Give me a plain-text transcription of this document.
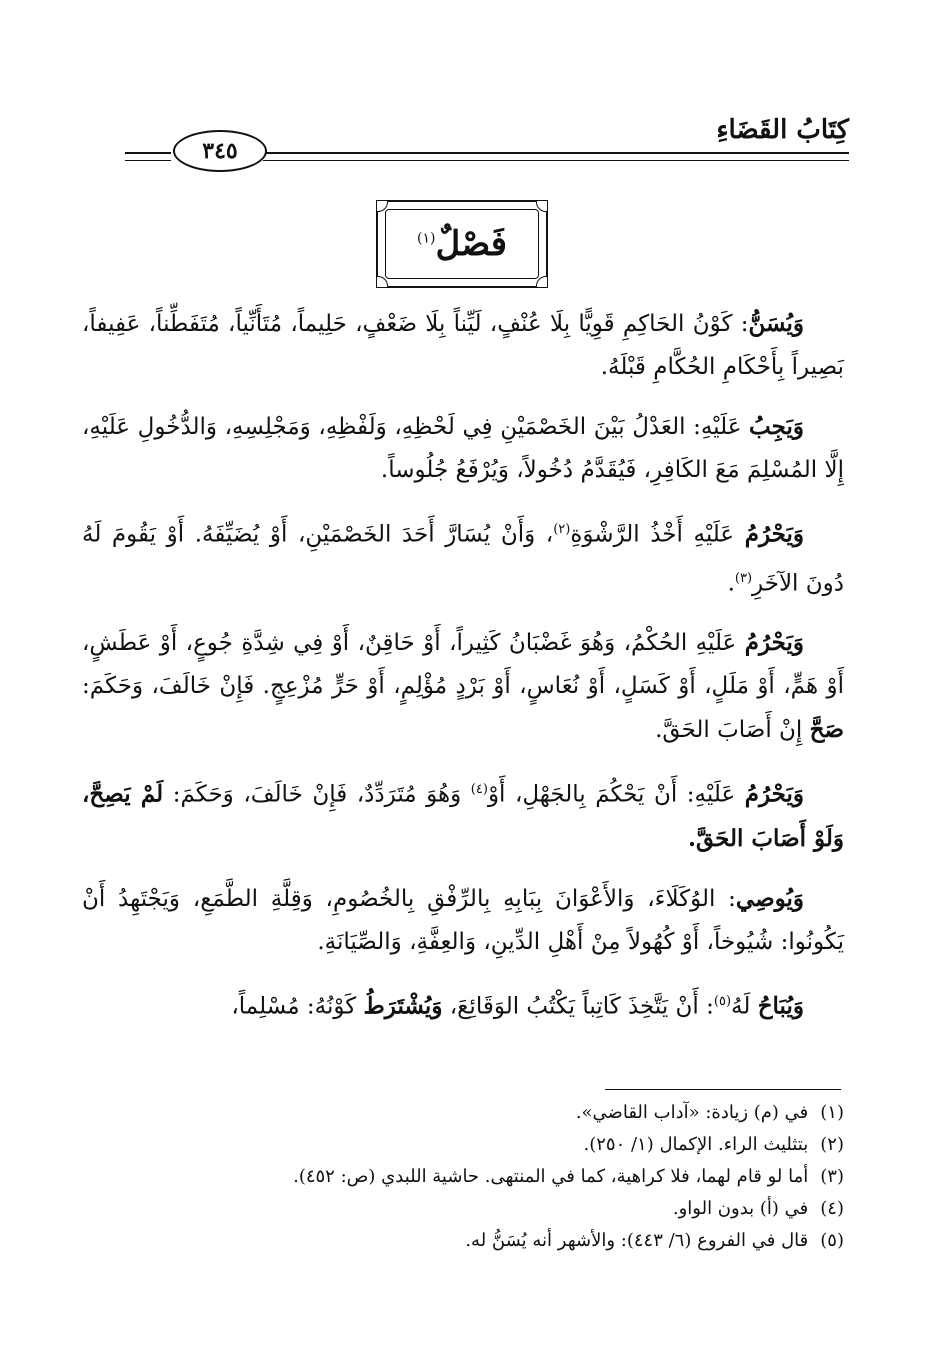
كِتَابُ القَضَاءِ
٣٤٥
فَصْلٌ$^{(١)}$

وَيُسَنُّ: كَوْنُ الحَاكِمِ قَوِيًّا بِلَا عُنْفٍ، لَيِّناً بِلَا ضَعْفٍ، حَلِيماً، مُتَأَنِّياً، مُتَفَطِّناً، عَفِيفاً، بَصِيراً بِأَحْكَامِ الحُكَّامِ قَبْلَهُ.

وَيَجِبُ عَلَيْهِ: العَدْلُ بَيْنَ الخَصْمَيْنِ فِي لَحْظِهِ، وَلَفْظِهِ، وَمَجْلِسِهِ، وَالدُّخُولِ عَلَيْهِ، إِلَّا المُسْلِمَ مَعَ الكَافِرِ، فَيُقَدَّمُ دُخُولاً، وَيُرْفَعُ جُلُوساً.

وَيَحْرُمُ عَلَيْهِ أَخْذُ الرَّشْوَةِ$^{(٢)}$، وَأَنْ يُسَارَّ أَحَدَ الخَصْمَيْنِ، أَوْ يُضَيِّفَهُ. أَوْ يَقُومَ لَهُ دُونَ الآخَرِ$^{(٣)}$.

وَيَحْرُمُ عَلَيْهِ الحُكْمُ، وَهُوَ غَضْبَانُ كَثِيراً، أَوْ حَاقِنٌ، أَوْ فِي شِدَّةِ جُوعٍ، أَوْ عَطَشٍ، أَوْ هَمٍّ، أَوْ مَلَلٍ، أَوْ كَسَلٍ، أَوْ نُعَاسٍ، أَوْ بَرْدٍ مُؤْلِمٍ، أَوْ حَرٍّ مُزْعِجٍ. فَإِنْ خَالَفَ، وَحَكَمَ: صَحَّ إِنْ أَصَابَ الحَقَّ.

وَيَحْرُمُ عَلَيْهِ: أَنْ يَحْكُمَ بِالجَهْلِ، أَوْ$^{(٤)}$ وَهُوَ مُتَرَدِّدٌ، فَإِنْ خَالَفَ، وَحَكَمَ: لَمْ يَصِحَّ، وَلَوْ أَصَابَ الحَقَّ.

وَيُوصِي: الوُكَلَاءَ، وَالأَعْوَانَ بِبَابِهِ بِالرِّفْقِ بِالخُصُومِ، وَقِلَّةِ الطَّمَعِ، وَيَجْتَهِدُ أَنْ يَكُونُوا: شُيُوخاً، أَوْ كُهُولاً مِنْ أَهْلِ الدِّينِ، وَالعِفَّةِ، وَالصِّيَانَةِ.

وَيُبَاحُ لَهُ$^{(٥)}$: أَنْ يَتَّخِذَ كَاتِباً يَكْتُبُ الوَقَائِعَ، وَيُشْتَرَطُ كَوْنُهُ: مُسْلِماً،

(١) في (م) زيادة: «آداب القاضي».

(٢) بتثليث الراء. الإكمال (١/ ٢٥٠).

(٣) أما لو قام لهما، فلا كراهية، كما في المنتهى. حاشية اللبدي (ص: ٤٥٢).

(٤) في (أ) بدون الواو.

(٥) قال في الفروع (٦/ ٤٤٣): والأشهر أنه يُسَنُّ له.
